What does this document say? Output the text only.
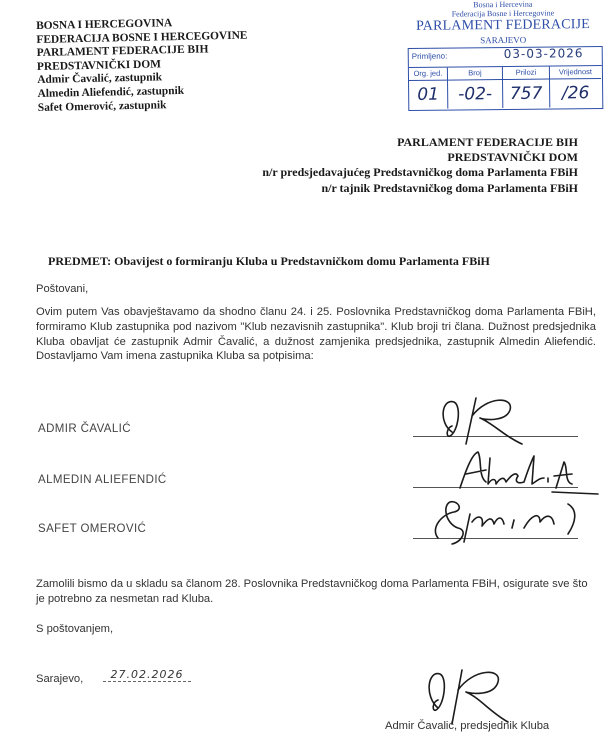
BOSNA I HERCEGOVINA
FEDERACIJA BOSNE I HERCEGOVINE
PARLAMENT FEDERACIJE BIH
PREDSTAVNIČKI DOM
Admir Čavalić, zastupnik
Almedin Aliefendić, zastupnik
Safet Omerović, zastupnik
Bosna i Hercevina
Federacija Bosne i Hercegovine
PARLAMENT FEDERACIJE
SARAJEVO
Primljeno:	03-03-2026
Org. jed.
01
Broj
-02-
Prilozi
757
Vrijednost
/26
PARLAMENT FEDERACIJE BIH
PREDSTAVNIČKI DOM
n/r predsjedavajućeg Predstavničkog doma Parlamenta FBiH
n/r tajnik Predstavničkog doma Parlamenta FBiH
PREDMET: Obavijest o formiranju Kluba u Predstavničkom domu Parlamenta FBiH
Poštovani,
Ovim putem Vas obavještavamo da shodno članu 24. i 25. Poslovnika Predstavničkog doma Parlamenta FBiH, formiramo Klub zastupnika pod nazivom "Klub nezavisnih zastupnika". Klub broji tri člana. Dužnost predsjednika Kluba obavljat će zastupnik Admir Čavalić, a dužnost zamjenika predsjednika, zastupnik Almedin Aliefendić. Dostavljamo Vam imena zastupnika Kluba sa potpisima:
ADMIR ČAVALIĆ
ALMEDIN ALIEFENDIĆ
SAFET OMEROVIĆ
Zamolili bismo da u skladu sa članom 28. Poslovnika Predstavničkog doma Parlamenta FBiH, osigurate sve što je potrebno za nesmetan rad Kluba.
S poštovanjem,
Sarajevo,	27.02.2026
Admir Čavalić, predsjednik Kluba
